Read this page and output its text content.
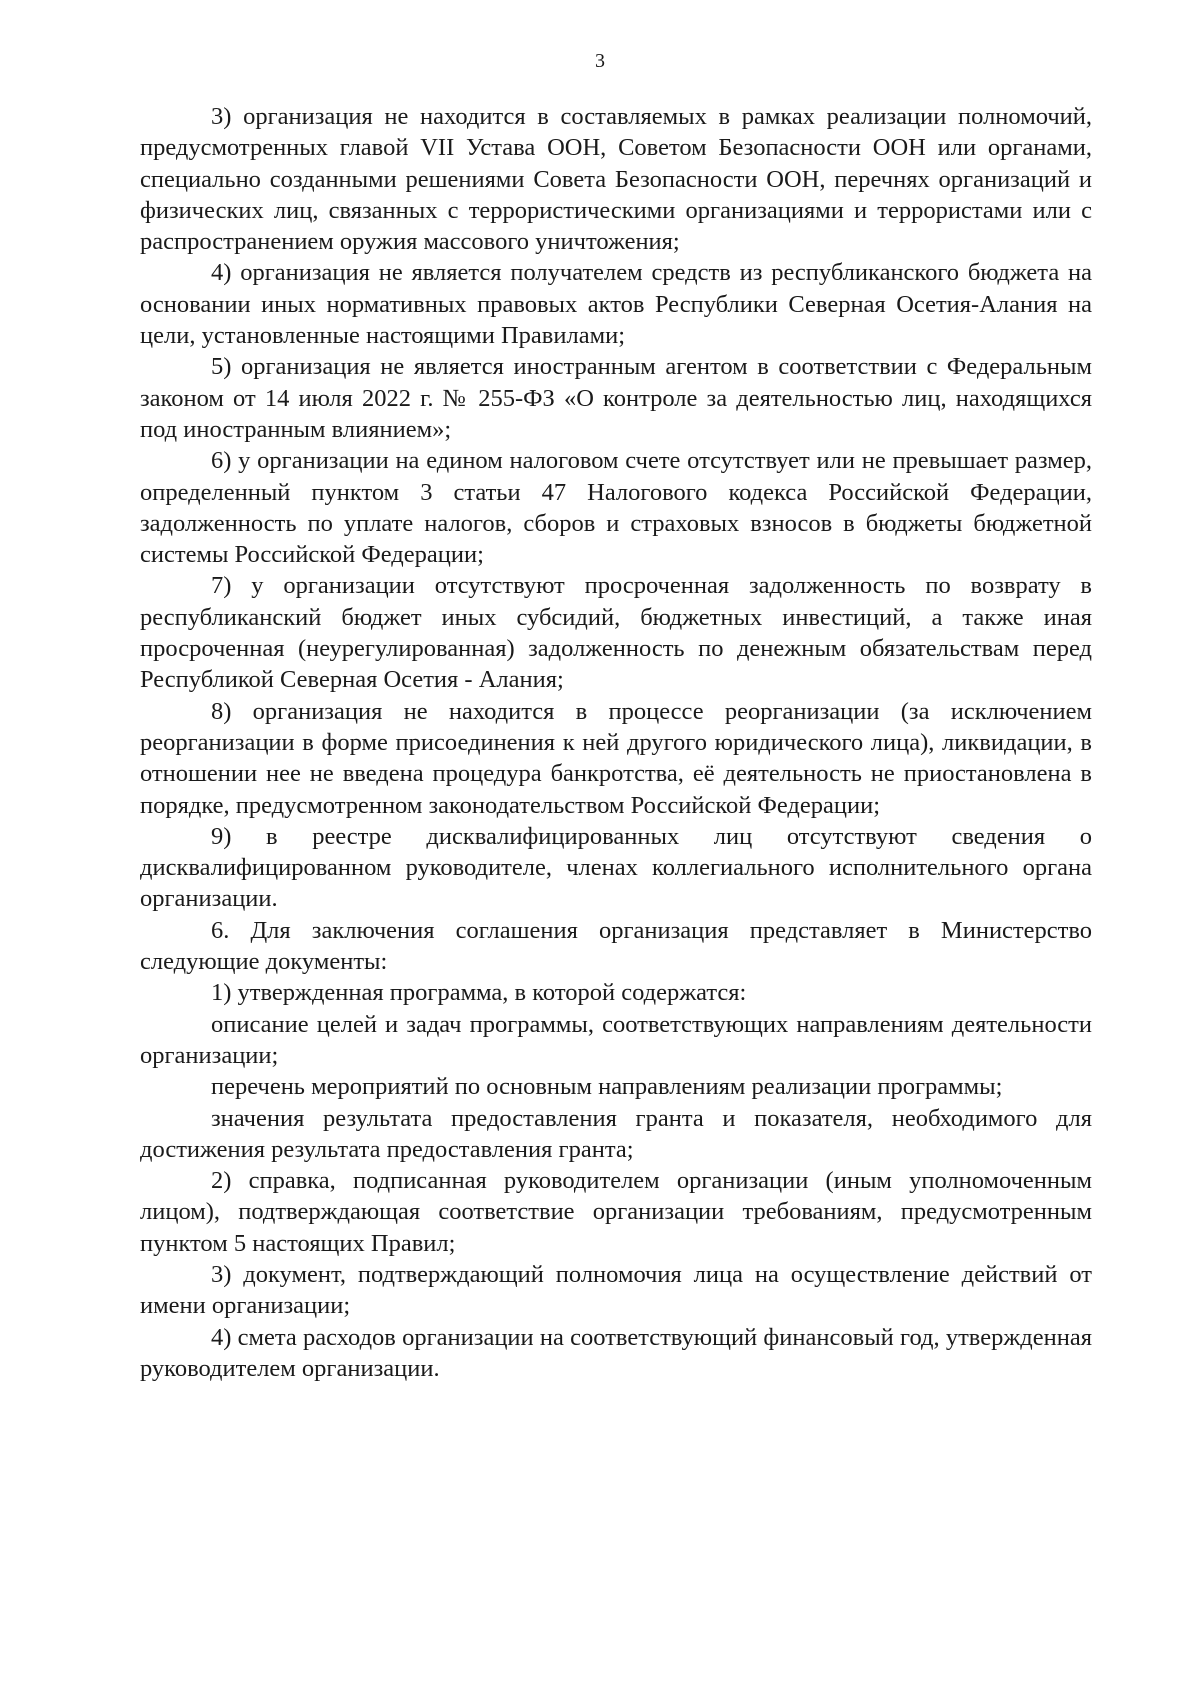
3

3) организация не находится в составляемых в рамках реализации полномочий, предусмотренных главой VII Устава ООН, Советом Безопасности ООН или органами, специально созданными решениями Совета Безопасности ООН, перечнях организаций и физических лиц, связанных с террористическими организациями и террористами или с распространением оружия массового уничтожения;

4) организация не является получателем средств из республиканского бюджета на основании иных нормативных правовых актов Республики Северная Осетия-Алания на цели, установленные настоящими Правилами;

5) организация не является иностранным агентом в соответствии с Федеральным законом от 14 июля 2022 г. № 255-ФЗ «О контроле за деятельностью лиц, находящихся под иностранным влиянием»;

6) у организации на едином налоговом счете отсутствует или не превышает размер, определенный пунктом 3 статьи 47 Налогового кодекса Российской Федерации, задолженность по уплате налогов, сборов и страховых взносов в бюджеты бюджетной системы Российской Федерации;

7) у организации отсутствуют просроченная задолженность по возврату в республиканский бюджет иных субсидий, бюджетных инвестиций, а также иная просроченная (неурегулированная) задолженность по денежным обязательствам перед Республикой Северная Осетия - Алания;

8) организация не находится в процессе реорганизации (за исключением реорганизации в форме присоединения к ней другого юридического лица), ликвидации, в отношении нее не введена процедура банкротства, её деятельность не приостановлена в порядке, предусмотренном законодательством Российской Федерации;

9) в реестре дисквалифицированных лиц отсутствуют сведения о дисквалифицированном руководителе, членах коллегиального исполнительного органа организации.

6. Для заключения соглашения организация представляет в Министерство следующие документы:

1) утвержденная программа, в которой содержатся:

описание целей и задач программы, соответствующих направлениям деятельности организации;

перечень мероприятий по основным направлениям реализации программы;

значения результата предоставления гранта и показателя, необходимого для достижения результата предоставления гранта;

2) справка, подписанная руководителем организации (иным уполномоченным лицом), подтверждающая соответствие организации требованиям, предусмотренным пунктом 5 настоящих Правил;

3) документ, подтверждающий полномочия лица на осуществление действий от имени организации;

4) смета расходов организации на соответствующий финансовый год, утвержденная руководителем организации.
